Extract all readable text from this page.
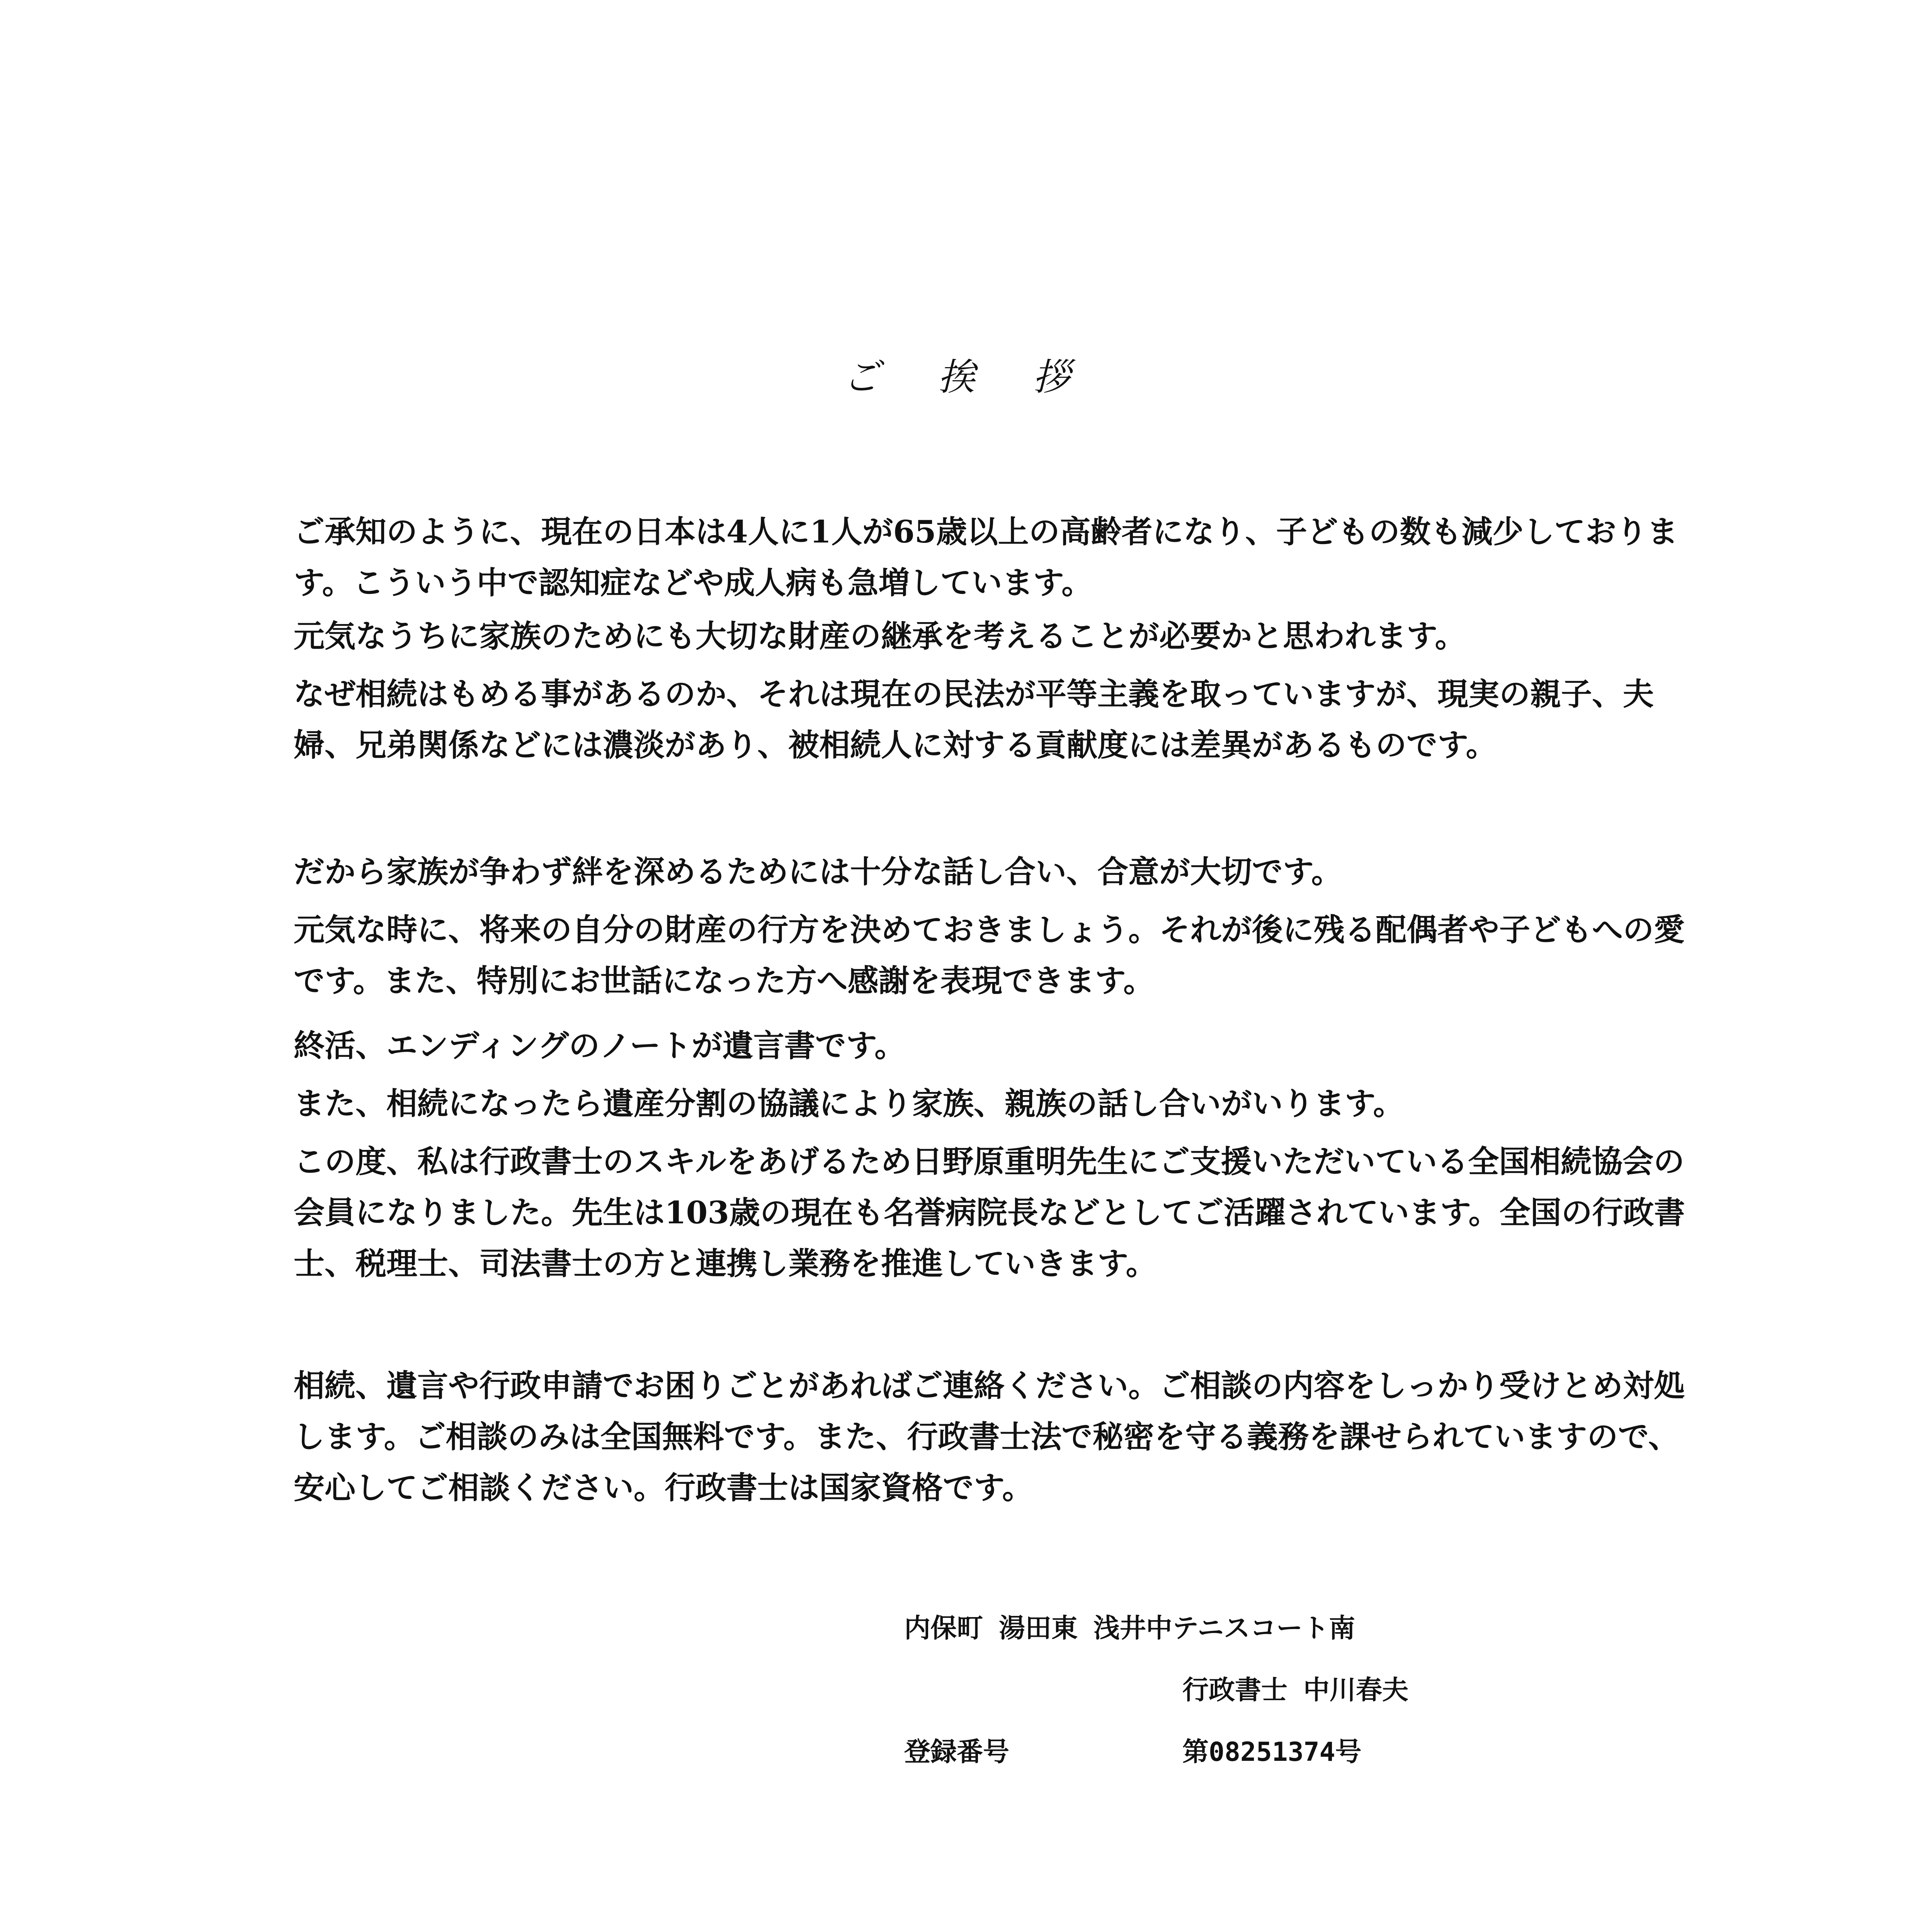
ご挨拶

ご承知のように、現在の日本は4人に1人が65歳以上の高齢者になり、子どもの数も減少しております。こういう中で認知症などや成人病も急増しています。

元気なうちに家族のためにも大切な財産の継承を考えることが必要かと思われます。

なぜ相続はもめる事があるのか、それは現在の民法が平等主義を取っていますが、現実の親子、夫婦、兄弟関係などには濃淡があり、被相続人に対する貢献度には差異があるものです。

だから家族が争わず絆を深めるためには十分な話し合い、合意が大切です。

元気な時に、将来の自分の財産の行方を決めておきましょう。それが後に残る配偶者や子どもへの愛です。また、特別にお世話になった方へ感謝を表現できます。

終活、エンディングのノートが遺言書です。

また、相続になったら遺産分割の協議により家族、親族の話し合いがいります。

この度、私は行政書士のスキルをあげるため日野原重明先生にご支援いただいている全国相続協会の会員になりました。先生は103歳の現在も名誉病院長などとしてご活躍されています。全国の行政書士、税理士、司法書士の方と連携し業務を推進していきます。

相続、遺言や行政申請でお困りごとがあればご連絡ください。ご相談の内容をしっかり受けとめ対処します。ご相談のみは全国無料です。また、行政書士法で秘密を守る義務を課せられていますので、安心してご相談ください。行政書士は国家資格です。

内保町 湯田東 浅井中テニスコート南
行政書士 中川春夫
登録番号	第08251374号
